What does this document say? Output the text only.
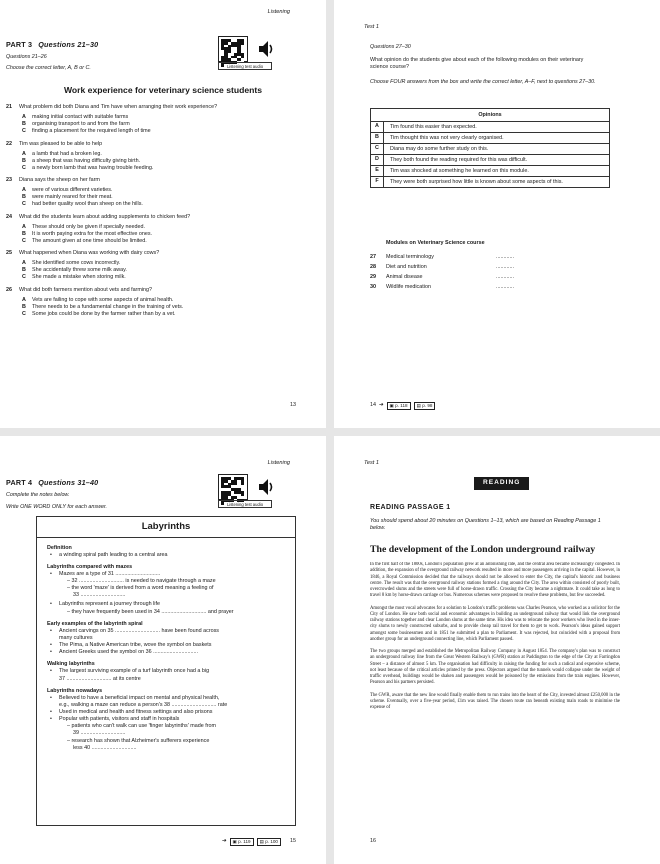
Listening
PART 3 Questions 21–30
Questions 21–26
Choose the correct letter, A, B or C.	Listening test audio
Work experience for veterinary science students
21 What problem did both Diana and Tim have when arranging their work experience?
A making initial contact with suitable farms
B organising transport to and from the farm
C finding a placement for the required length of time
22 Tim was pleased to be able to help
A a lamb that had a broken leg.
B a sheep that was having difficulty giving birth.
C a newly born lamb that was having trouble feeding.
23 Diana says the sheep on her farm
A were of various different varieties.
B were mainly reared for their meat.
C had better quality wool than sheep on the hills.
24 What did the students learn about adding supplements to chicken feed?
A These should only be given if specially needed.
B It is worth paying extra for the most effective ones.
C The amount given at one time should be limited.
25 What happened when Diana was working with dairy cows?
A She identified some cows incorrectly.
B She accidentally threw some milk away.
C She made a mistake when storing milk.
26 What did both farmers mention about vets and farming?
A Vets are failing to cope with some aspects of animal health.
B There needs to be a fundamental change in the training of vets.
C Some jobs could be done by the farmer rather than by a vet.
13
Test 1
Questions 27–30
What opinion do the students give about each of the following modules on their veterinary science course?
Choose FOUR answers from the box and write the correct letter, A–F, next to questions 27–30.
Opinions
A	Tim found this easier than expected.
B	Tim thought this was not very clearly organised.
C	Diana may do some further study on this.
D	They both found the reading required for this was difficult.
E	Tim was shocked at something he learned on this module.
F	They were both surprised how little is known about some aspects of this.
Modules on Veterinary Science course
27	Medical terminology	............
28	Diet and nutrition	............
29	Animal disease	............
30	Wildlife medication	............
14 ➔	▣ p. 118	▤ p. 98
Listening
PART 4 Questions 31–40
Complete the notes below.
Write ONE WORD ONLY for each answer.	Listening test audio
Labyrinths
Definition
• a winding spiral path leading to a central area
Labyrinths compared with mazes
• Mazes are a type of 31 ..............................
– 32 .............................. is needed to navigate through a maze
– the word 'maze' is derived from a word meaning a feeling of
33 ..............................
• Labyrinths represent a journey through life
– they have frequently been used in 34 .............................. and prayer
Early examples of the labyrinth spiral
• Ancient carvings on 35 .............................. have been found across
many cultures
• The Pima, a Native American tribe, wove the symbol on baskets
• Ancient Greeks used the symbol on 36 ..............................
Walking labyrinths
• The largest surviving example of a turf labyrinth once had a big
37 .............................. at its centre
Labyrinths nowadays
• Believed to have a beneficial impact on mental and physical health,
e.g., walking a maze can reduce a person's 38 .............................. rate
• Used in medical and health and fitness settings and also prisons
• Popular with patients, visitors and staff in hospitals
– patients who can't walk can use 'finger labyrinths' made from
39 ..............................
– research has shown that Alzheimer's sufferers experience
less 40 ..............................
➔	▣ p. 119	▤ p. 100	15
Test 1
READING
READING PASSAGE 1
You should spend about 20 minutes on Questions 1–13, which are based on Reading Passage 1 below.
The development of the London underground railway

In the first half of the 1800s, London's population grew at an astonishing rate, and the central area became increasingly congested. In addition, the expansion of the overground railway network resulted in more and more passengers arriving in the capital. However, in 1846, a Royal Commission decided that the railways should not be allowed to enter the City, the capital's historic and business centre. The result was that the overground railway stations formed a ring around the City. The area within consisted of poorly built, overcrowded slums and the streets were full of horse-drawn traffic. Crossing the City became a nightmare. It could take as long to travel 8 km by horse-drawn carriage or bus. Numerous schemes were proposed to resolve these problems, but few succeeded.

Amongst the most vocal advocates for a solution to London's traffic problems was Charles Pearson, who worked as a solicitor for the City of London. He saw both social and economic advantages in building an underground railway that would link the overground railway stations together and clear London slums at the same time. His idea was to relocate the poor workers who lived in the inner-city slums to newly constructed suburbs, and to provide cheap rail travel for them to get to work. Pearson's ideas gained support amongst some businessmen and in 1851 he submitted a plan to Parliament. It was rejected, but coincided with a proposal from another group for an underground connecting line, which Parliament passed.

The two groups merged and established the Metropolitan Railway Company in August 1854. The company's plan was to construct an underground railway line from the Great Western Railway's (GWR) station at Paddington to the edge of the City at Farringdon Street – a distance of almost 5 km. The organisation had difficulty in raising the funding for such a radical and expensive scheme, not least because of the critical articles printed by the press. Objectors argued that the tunnels would collapse under the weight of traffic overhead, buildings would be shaken and passengers would be poisoned by the emissions from the train engines. However, Pearson and his partners persisted.

The GWR, aware that the new line would finally enable them to run trains into the heart of the City, invested almost £250,000 in the scheme. Eventually, over a five-year period, £1m was raised. The chosen route ran beneath existing main roads to minimise the expense of

16
